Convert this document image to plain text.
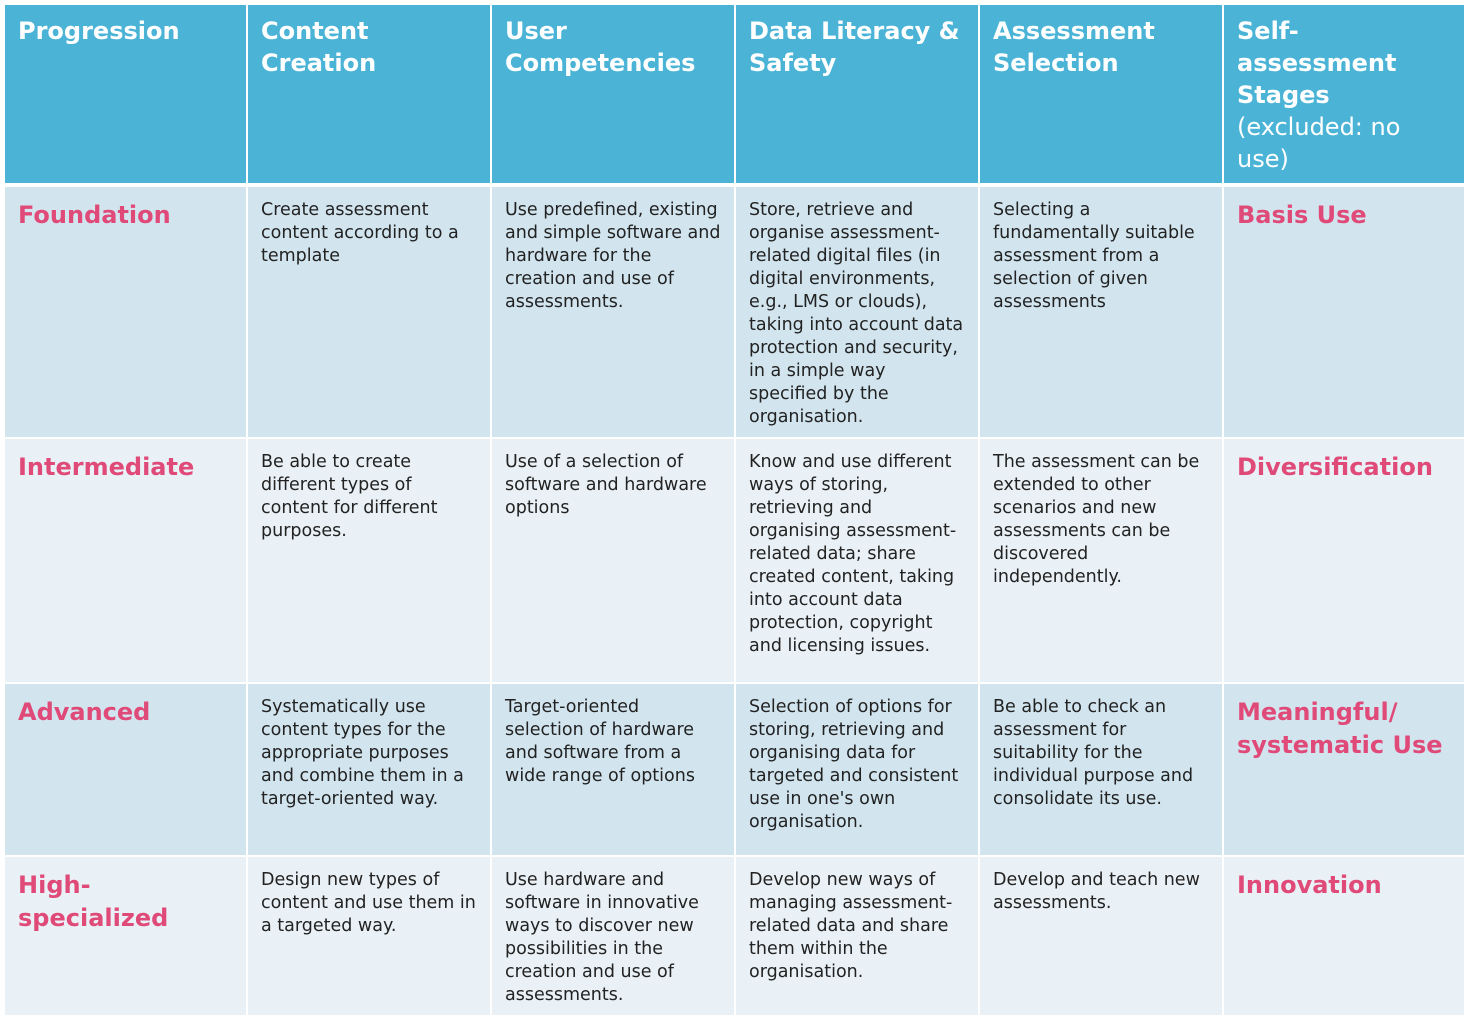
Progression	Content Creation	User Competencies	Data Literacy & Safety	Assessment Selection	Self-assessment Stages
(excluded: no use)
Foundation	Create assessment content according to a template	Use predefined, existing and simple software and hardware for the creation and use of assessments.	Store, retrieve and organise assessment-related digital files (in digital environments, e.g., LMS or clouds), taking into account data protection and security, in a simple way specified by the organisation.	Selecting a fundamentally suitable assessment from a selection of given assessments	Basis Use
Intermediate	Be able to create different types of content for different purposes.	Use of a selection of software and hardware options	Know and use different ways of storing, retrieving and organising assessment-related data; share created content, taking into account data protection, copyright and licensing issues.	The assessment can be extended to other scenarios and new assessments can be discovered independently.	Diversification
Advanced	Systematically use content types for the appropriate purposes and combine them in a target-oriented way.	Target-oriented selection of hardware and software from a wide range of options	Selection of options for storing, retrieving and organising data for targeted and consistent use in one's own organisation.	Be able to check an assessment for suitability for the individual purpose and consolidate its use.	Meaningful/ systematic Use
High-specialized	Design new types of content and use them in a targeted way.	Use hardware and software in innovative ways to discover new possibilities in the creation and use of assessments.	Develop new ways of managing assessment-related data and share them within the organisation.	Develop and teach new assessments.	Innovation
